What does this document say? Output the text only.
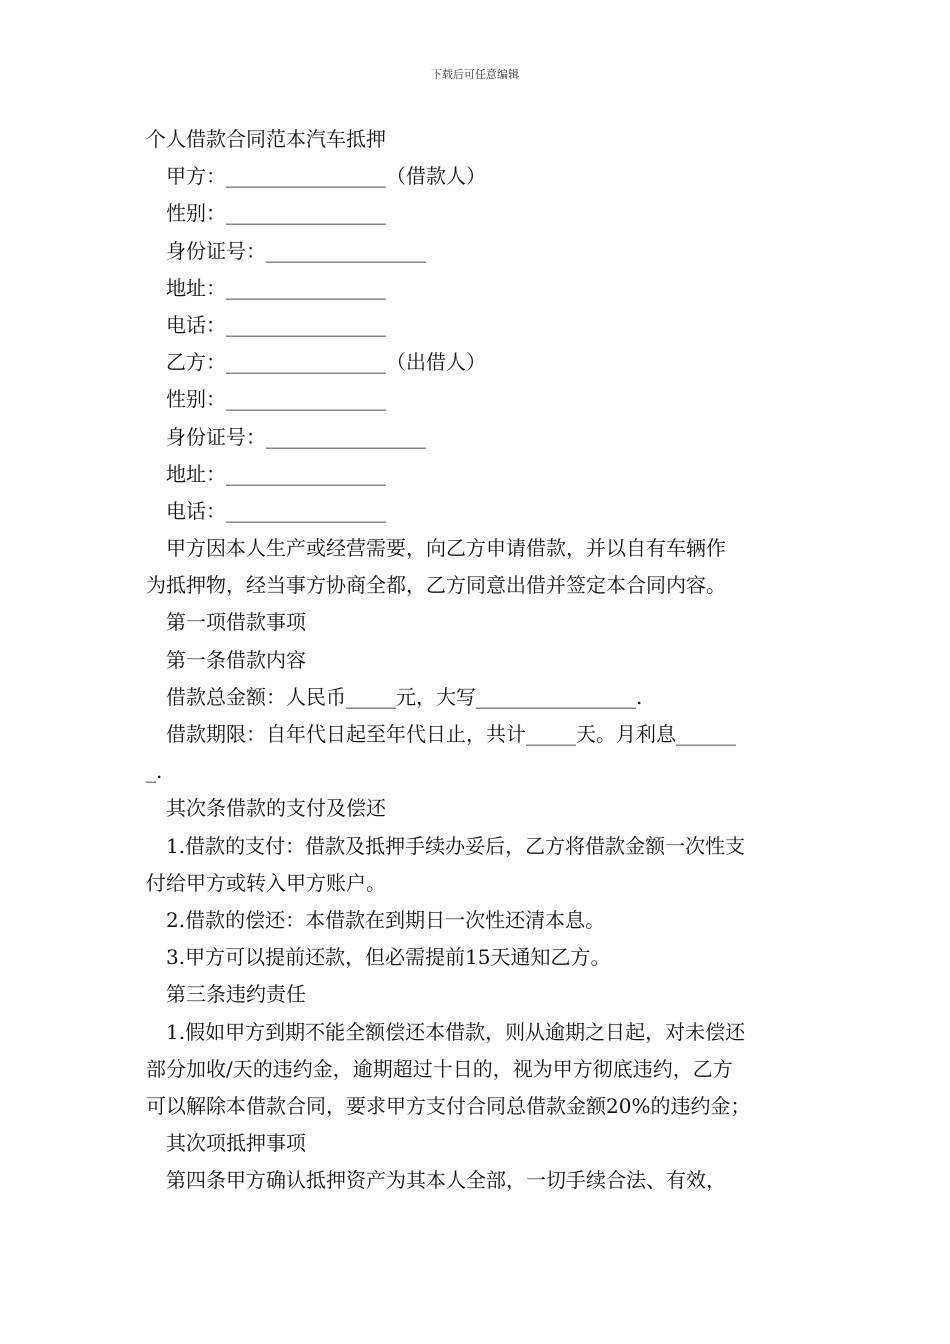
下载后可任意编辑
个人借款合同范本汽车抵押
甲方：________________（借款人）
性别：________________
身份证号：________________
地址：________________
电话：________________
乙方：________________（出借人）
性别：________________
身份证号：________________
地址：________________
电话：________________
甲方因本人生产或经营需要，向乙方申请借款，并以自有车辆作
为抵押物，经当事方协商全都，乙方同意出借并签定本合同内容。
第一项借款事项
第一条借款内容
借款总金额：人民币_____元，大写________________.
借款期限：自年代日起至年代日止，共计_____天。月利息______
_.
其次条借款的支付及偿还
1.借款的支付：借款及抵押手续办妥后，乙方将借款金额一次性支
付给甲方或转入甲方账户。
2.借款的偿还：本借款在到期日一次性还清本息。
3.甲方可以提前还款，但必需提前15天通知乙方。
第三条违约责任
1.假如甲方到期不能全额偿还本借款，则从逾期之日起，对未偿还
部分加收/天的违约金，逾期超过十日的，视为甲方彻底违约，乙方
可以解除本借款合同，要求甲方支付合同总借款金额20%的违约金；
其次项抵押事项
第四条甲方确认抵押资产为其本人全部，一切手续合法、有效，
